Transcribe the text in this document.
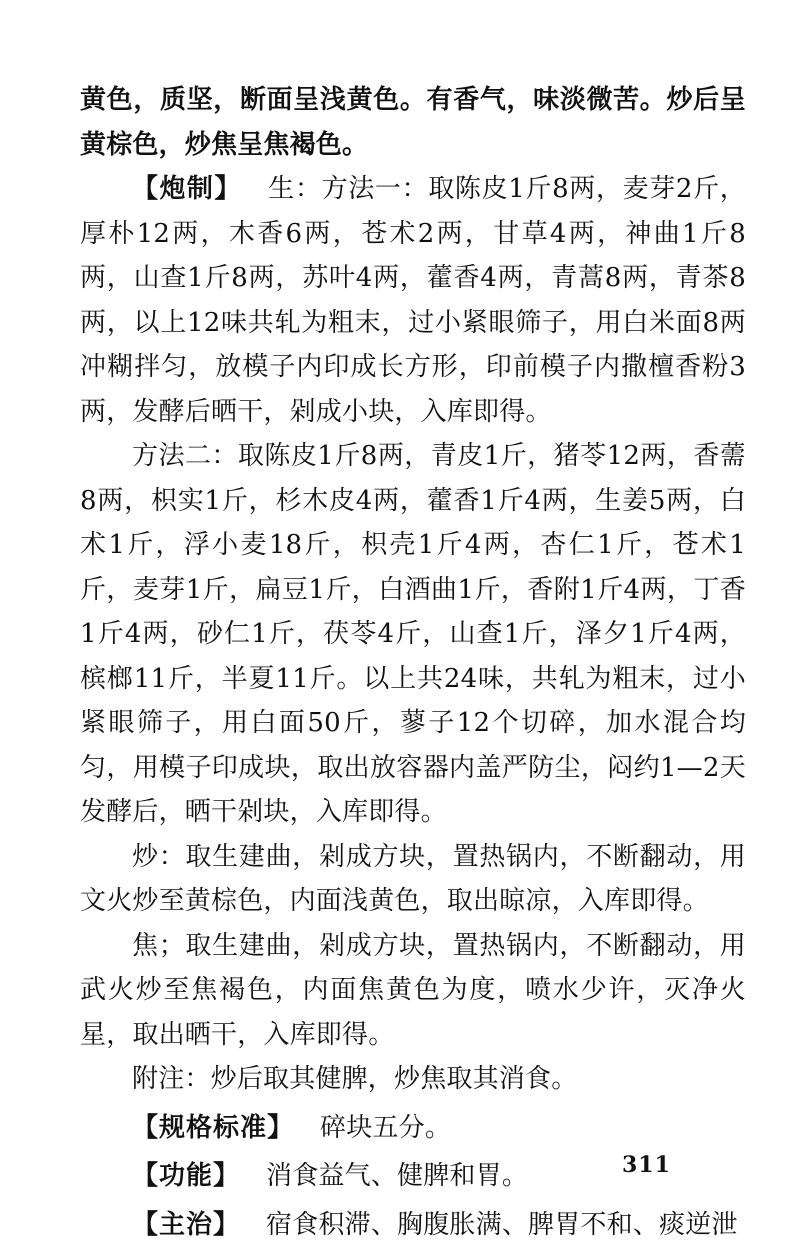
黄色，质坚，断面呈浅黄色。有香气，味淡微苦。炒后呈黄棕色，炒焦呈焦褐色。

【炮制】 生：方法一：取陈皮1斤8两，麦芽2斤，厚朴12两，木香6两，苍术2两，甘草4两，神曲1斤8两，山查1斤8两，苏叶4两，藿香4两，青蒿8两，青茶8两，以上12味共轧为粗末，过小紧眼筛子，用白米面8两冲糊拌匀，放模子内印成长方形，印前模子内撒檀香粉3两，发酵后晒干，剁成小块，入库即得。

方法二：取陈皮1斤8两，青皮1斤，猪苓12两，香薷8两，枳实1斤，杉木皮4两，藿香1斤4两，生姜5两，白术1斤，浮小麦18斤，枳壳1斤4两，杏仁1斤，苍术1斤，麦芽1斤，扁豆1斤，白酒曲1斤，香附1斤4两，丁香1斤4两，砂仁1斤，茯苓4斤，山查1斤，泽夕1斤4两，槟榔11斤，半夏11斤。以上共24味，共轧为粗末，过小紧眼筛子，用白面50斤，蓼子12个切碎，加水混合均匀，用模子印成块，取出放容器内盖严防尘，闷约1—2天发酵后，晒干剁块，入库即得。

炒：取生建曲，剁成方块，置热锅内，不断翻动，用文火炒至黄棕色，内面浅黄色，取出晾凉，入库即得。

焦；取生建曲，剁成方块，置热锅内，不断翻动，用武火炒至焦褐色，内面焦黄色为度，喷水少许，灭净火星，取出晒干，入库即得。

附注：炒后取其健脾，炒焦取其消食。

【规格标准】 碎块五分。

【功能】 消食益气、健脾和胃。

【主治】 宿食积滞、胸腹胀满、脾胃不和、痰逆泄

311
